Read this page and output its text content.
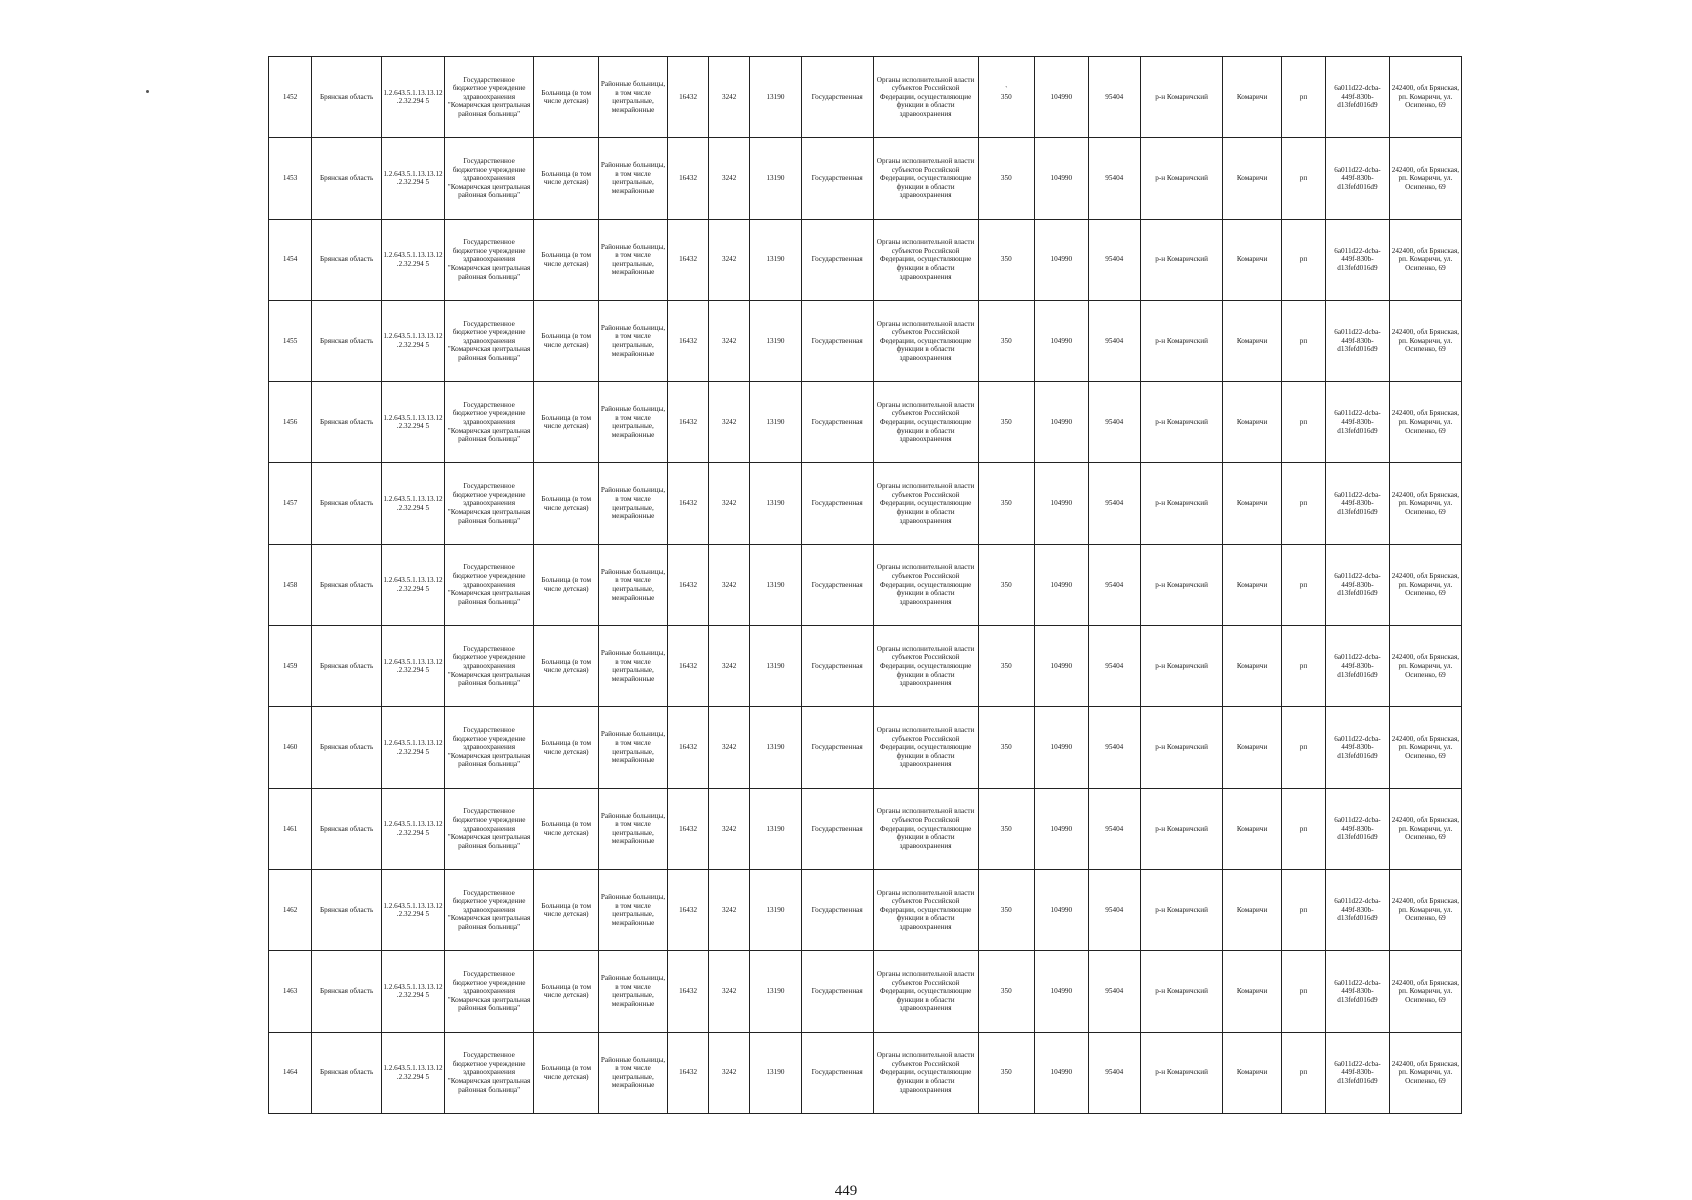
`
1452	Брянская область	1.2.643.5.1.13.13.12.2.32.294 5	Государственное бюджетное учреждение здравоохранения "Комаричская центральная районная больница"	Больница (в том числе детская)	Районные больницы, в том числе центральные, межрайонные	16432	3242	13190	Государственная	Органы исполнительной власти субъектов Российской Федерации, осуществляющие функции в области здравоохранения	350	104990	95404	р-н Комаричский	Комаричи	рп	6a011d22-dcba-449f-830b-d13fefd016d9	242400, обл Брянская, рп. Комаричи, ул. Осипенко, 69
1453	Брянская область	1.2.643.5.1.13.13.12.2.32.294 5	Государственное бюджетное учреждение здравоохранения "Комаричская центральная районная больница"	Больница (в том числе детская)	Районные больницы, в том числе центральные, межрайонные	16432	3242	13190	Государственная	Органы исполнительной власти субъектов Российской Федерации, осуществляющие функции в области здравоохранения	350	104990	95404	р-н Комаричский	Комаричи	рп	6a011d22-dcba-449f-830b-d13fefd016d9	242400, обл Брянская, рп. Комаричи, ул. Осипенко, 69
1454	Брянская область	1.2.643.5.1.13.13.12.2.32.294 5	Государственное бюджетное учреждение здравоохранения "Комаричская центральная районная больница"	Больница (в том числе детская)	Районные больницы, в том числе центральные, межрайонные	16432	3242	13190	Государственная	Органы исполнительной власти субъектов Российской Федерации, осуществляющие функции в области здравоохранения	350	104990	95404	р-н Комаричский	Комаричи	рп	6a011d22-dcba-449f-830b-d13fefd016d9	242400, обл Брянская, рп. Комаричи, ул. Осипенко, 69
1455	Брянская область	1.2.643.5.1.13.13.12.2.32.294 5	Государственное бюджетное учреждение здравоохранения "Комаричская центральная районная больница"	Больница (в том числе детская)	Районные больницы, в том числе центральные, межрайонные	16432	3242	13190	Государственная	Органы исполнительной власти субъектов Российской Федерации, осуществляющие функции в области здравоохранения	350	104990	95404	р-н Комаричский	Комаричи	рп	6a011d22-dcba-449f-830b-d13fefd016d9	242400, обл Брянская, рп. Комаричи, ул. Осипенко, 69
1456	Брянская область	1.2.643.5.1.13.13.12.2.32.294 5	Государственное бюджетное учреждение здравоохранения "Комаричская центральная районная больница"	Больница (в том числе детская)	Районные больницы, в том числе центральные, межрайонные	16432	3242	13190	Государственная	Органы исполнительной власти субъектов Российской Федерации, осуществляющие функции в области здравоохранения	350	104990	95404	р-н Комаричский	Комаричи	рп	6a011d22-dcba-449f-830b-d13fefd016d9	242400, обл Брянская, рп. Комаричи, ул. Осипенко, 69
1457	Брянская область	1.2.643.5.1.13.13.12.2.32.294 5	Государственное бюджетное учреждение здравоохранения "Комаричская центральная районная больница"	Больница (в том числе детская)	Районные больницы, в том числе центральные, межрайонные	16432	3242	13190	Государственная	Органы исполнительной власти субъектов Российской Федерации, осуществляющие функции в области здравоохранения	350	104990	95404	р-н Комаричский	Комаричи	рп	6a011d22-dcba-449f-830b-d13fefd016d9	242400, обл Брянская, рп. Комаричи, ул. Осипенко, 69
1458	Брянская область	1.2.643.5.1.13.13.12.2.32.294 5	Государственное бюджетное учреждение здравоохранения "Комаричская центральная районная больница"	Больница (в том числе детская)	Районные больницы, в том числе центральные, межрайонные	16432	3242	13190	Государственная	Органы исполнительной власти субъектов Российской Федерации, осуществляющие функции в области здравоохранения	350	104990	95404	р-н Комаричский	Комаричи	рп	6a011d22-dcba-449f-830b-d13fefd016d9	242400, обл Брянская, рп. Комаричи, ул. Осипенко, 69
1459	Брянская область	1.2.643.5.1.13.13.12.2.32.294 5	Государственное бюджетное учреждение здравоохранения "Комаричская центральная районная больница"	Больница (в том числе детская)	Районные больницы, в том числе центральные, межрайонные	16432	3242	13190	Государственная	Органы исполнительной власти субъектов Российской Федерации, осуществляющие функции в области здравоохранения	350	104990	95404	р-н Комаричский	Комаричи	рп	6a011d22-dcba-449f-830b-d13fefd016d9	242400, обл Брянская, рп. Комаричи, ул. Осипенко, 69
1460	Брянская область	1.2.643.5.1.13.13.12.2.32.294 5	Государственное бюджетное учреждение здравоохранения "Комаричская центральная районная больница"	Больница (в том числе детская)	Районные больницы, в том числе центральные, межрайонные	16432	3242	13190	Государственная	Органы исполнительной власти субъектов Российской Федерации, осуществляющие функции в области здравоохранения	350	104990	95404	р-н Комаричский	Комаричи	рп	6a011d22-dcba-449f-830b-d13fefd016d9	242400, обл Брянская, рп. Комаричи, ул. Осипенко, 69
1461	Брянская область	1.2.643.5.1.13.13.12.2.32.294 5	Государственное бюджетное учреждение здравоохранения "Комаричская центральная районная больница"	Больница (в том числе детская)	Районные больницы, в том числе центральные, межрайонные	16432	3242	13190	Государственная	Органы исполнительной власти субъектов Российской Федерации, осуществляющие функции в области здравоохранения	350	104990	95404	р-н Комаричский	Комаричи	рп	6a011d22-dcba-449f-830b-d13fefd016d9	242400, обл Брянская, рп. Комаричи, ул. Осипенко, 69
1462	Брянская область	1.2.643.5.1.13.13.12.2.32.294 5	Государственное бюджетное учреждение здравоохранения "Комаричская центральная районная больница"	Больница (в том числе детская)	Районные больницы, в том числе центральные, межрайонные	16432	3242	13190	Государственная	Органы исполнительной власти субъектов Российской Федерации, осуществляющие функции в области здравоохранения	350	104990	95404	р-н Комаричский	Комаричи	рп	6a011d22-dcba-449f-830b-d13fefd016d9	242400, обл Брянская, рп. Комаричи, ул. Осипенко, 69
1463	Брянская область	1.2.643.5.1.13.13.12.2.32.294 5	Государственное бюджетное учреждение здравоохранения "Комаричская центральная районная больница"	Больница (в том числе детская)	Районные больницы, в том числе центральные, межрайонные	16432	3242	13190	Государственная	Органы исполнительной власти субъектов Российской Федерации, осуществляющие функции в области здравоохранения	350	104990	95404	р-н Комаричский	Комаричи	рп	6a011d22-dcba-449f-830b-d13fefd016d9	242400, обл Брянская, рп. Комаричи, ул. Осипенко, 69
1464	Брянская область	1.2.643.5.1.13.13.12.2.32.294 5	Государственное бюджетное учреждение здравоохранения "Комаричская центральная районная больница"	Больница (в том числе детская)	Районные больницы, в том числе центральные, межрайонные	16432	3242	13190	Государственная	Органы исполнительной власти субъектов Российской Федерации, осуществляющие функции в области здравоохранения	350	104990	95404	р-н Комаричский	Комаричи	рп	6a011d22-dcba-449f-830b-d13fefd016d9	242400, обл Брянская, рп. Комаричи, ул. Осипенко, 69
449
